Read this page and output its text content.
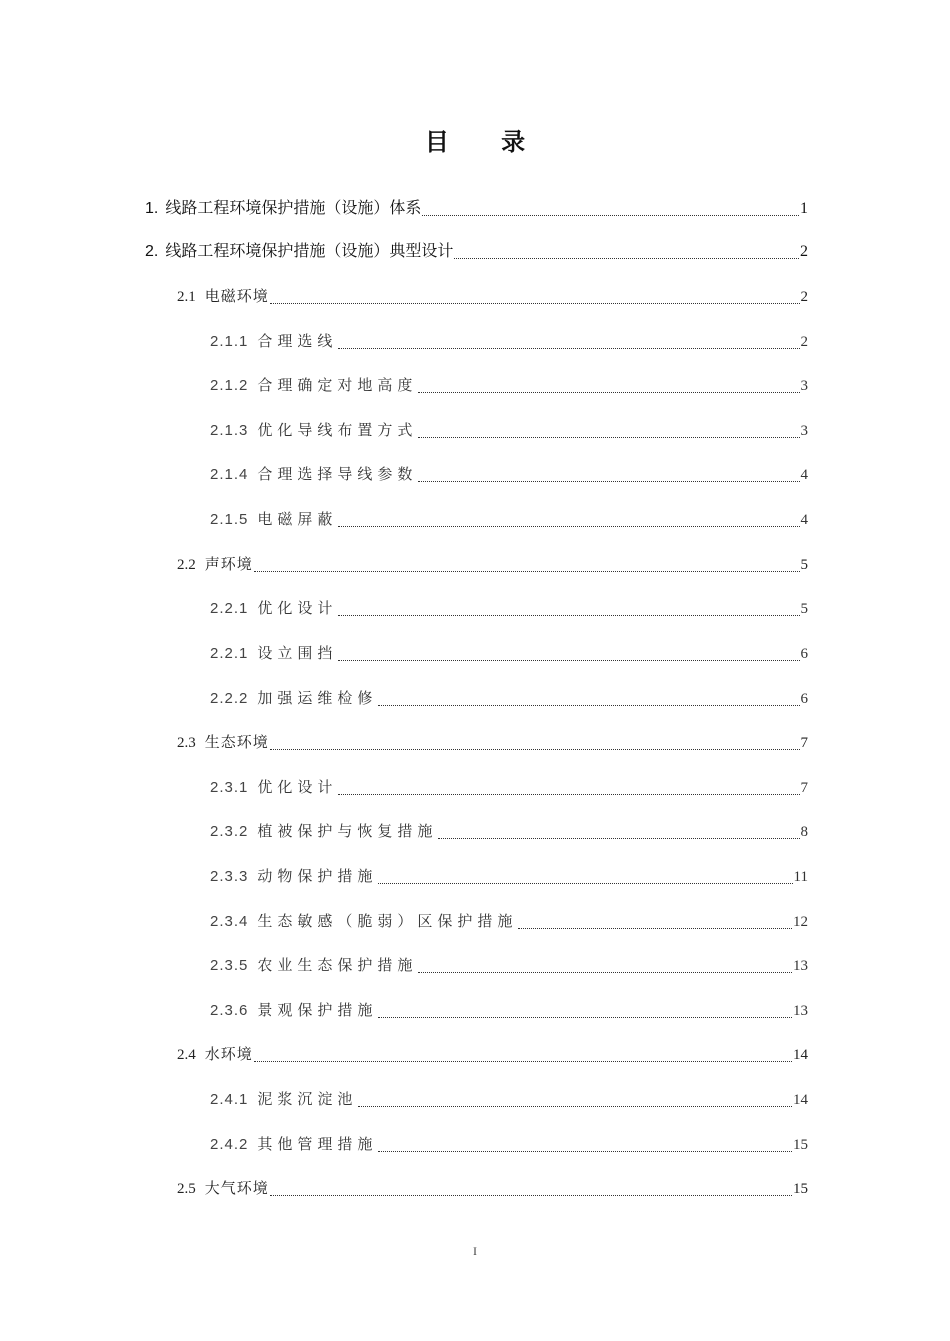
目 录
1. 线路工程环境保护措施（设施）体系	1
2. 线路工程环境保护措施（设施）典型设计	2
2.1 电磁环境	2
2.1.1 合理选线	2
2.1.2 合理确定对地高度	3
2.1.3 优化导线布置方式	3
2.1.4 合理选择导线参数	4
2.1.5 电磁屏蔽	4
2.2 声环境	5
2.2.1 优化设计	5
2.2.1 设立围挡	6
2.2.2 加强运维检修	6
2.3 生态环境	7
2.3.1 优化设计	7
2.3.2 植被保护与恢复措施	8
2.3.3 动物保护措施	11
2.3.4 生态敏感（脆弱）区保护措施	12
2.3.5 农业生态保护措施	13
2.3.6 景观保护措施	13
2.4 水环境	14
2.4.1 泥浆沉淀池	14
2.4.2 其他管理措施	15
2.5 大气环境	15
I
